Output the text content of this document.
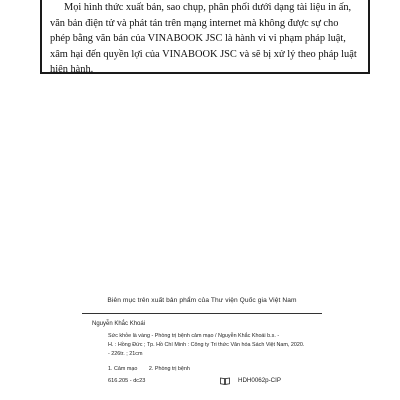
Mọi hình thức xuất bản, sao chụp, phân phối dưới dạng tài liệu in ấn,
văn bản điện tử và phát tán trên mạng internet mà không được sự cho
phép bằng văn bản của VINABOOK JSC là hành vi vi phạm pháp luật,
xâm hại đến quyền lợi của VINABOOK JSC và sẽ bị xử lý theo pháp luật
hiện hành.
Biên mục trên xuất bản phẩm của Thư viện Quốc gia Việt Nam
Nguyễn Khắc Khoái
Sức khỏe là vàng - Phòng trị bệnh cảm mạo / Nguyễn Khắc Khoái b.s. -
H. : Hồng Đức ; Tp. Hồ Chí Minh : Công ty Tri thức Văn hóa Sách Việt Nam, 2020.
- 226tr. ; 21cm
1. Cảm mạo 2. Phòng trị bệnh
616.205 - dc23	HDH0062p-CIP
